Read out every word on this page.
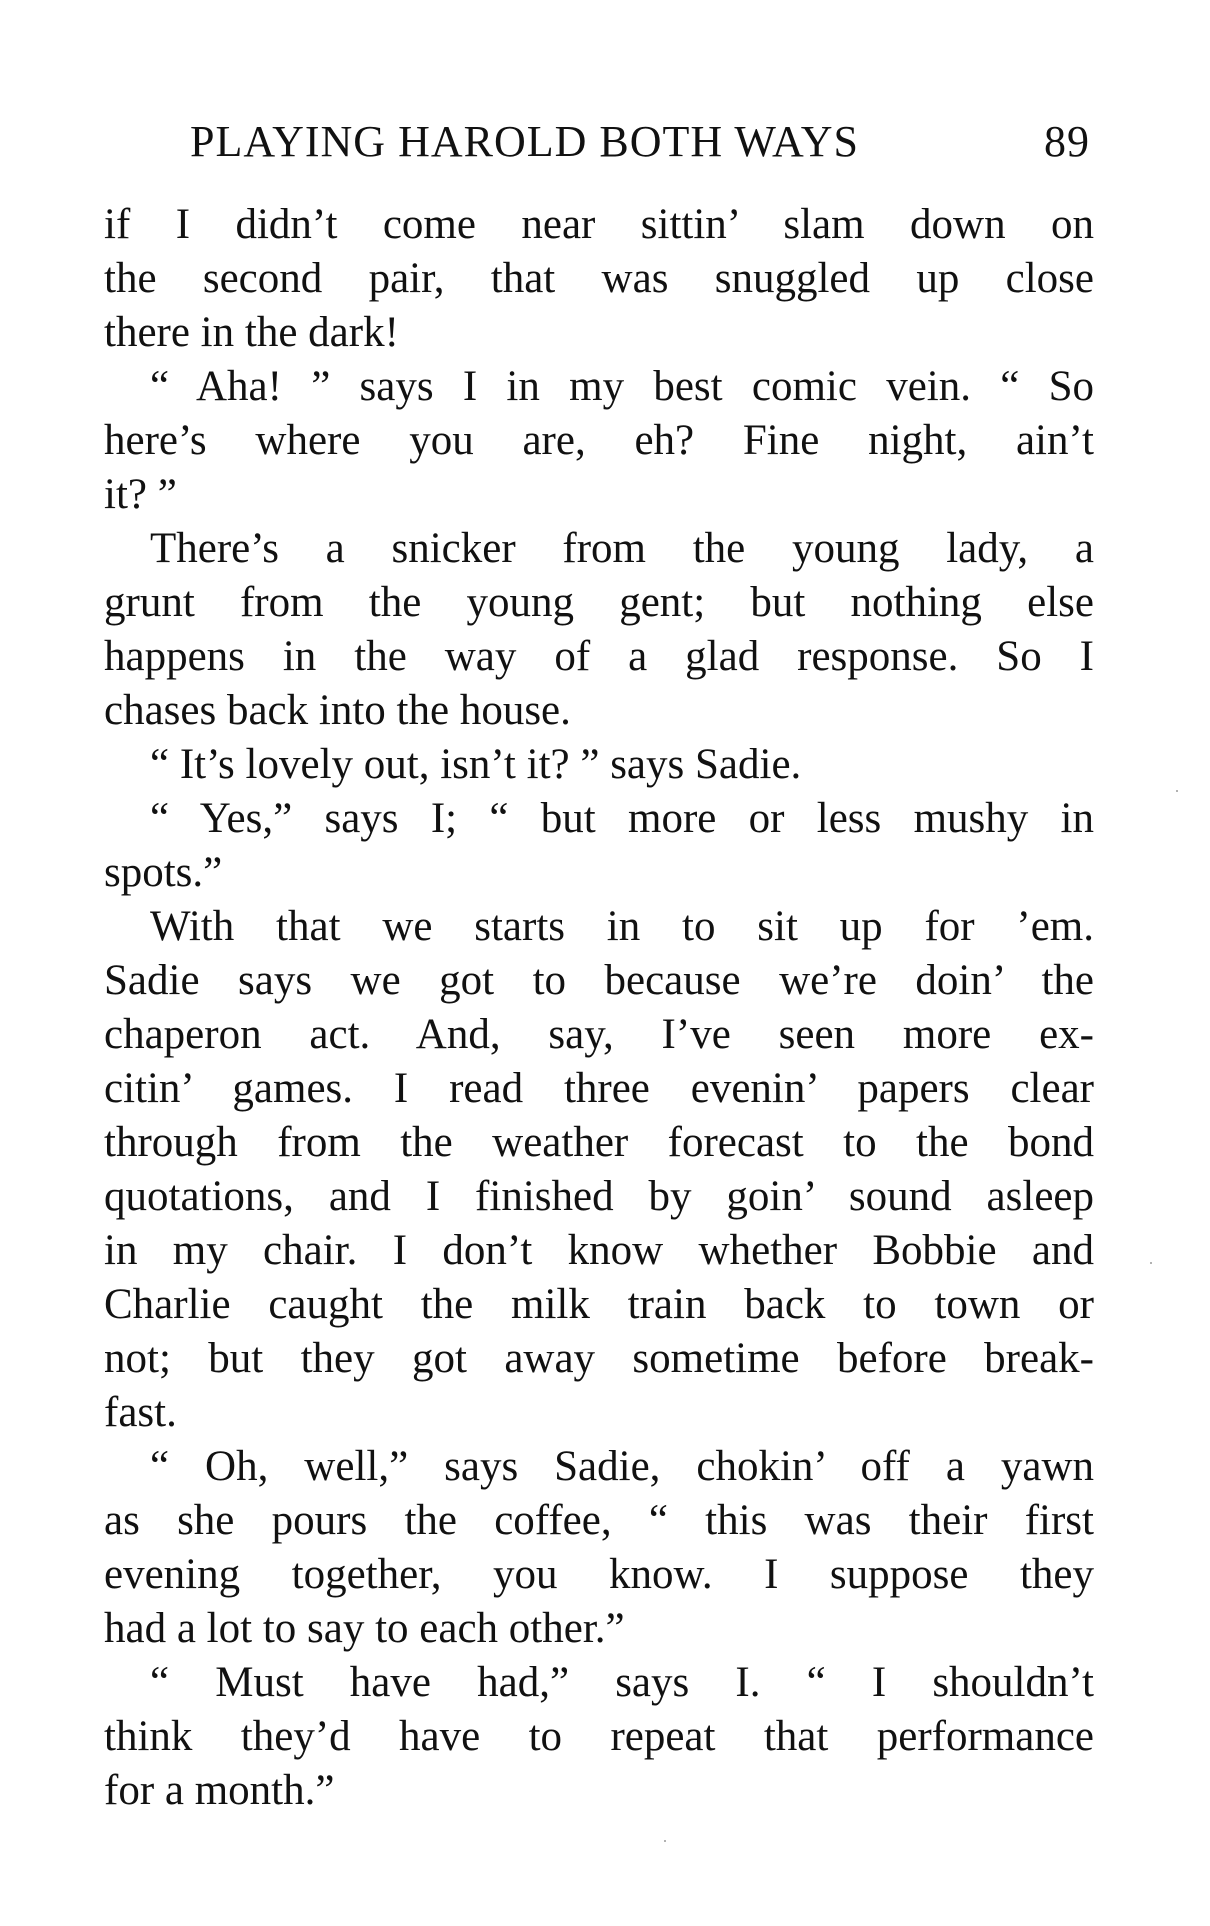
PLAYING HAROLD BOTH WAYS	89
if I didn’t come near sittin’ slam down on
the second pair, that was snuggled up close
there in the dark!
“ Aha! ” says I in my best comic vein. “ So
here’s where you are, eh? Fine night, ain’t
it? ”
There’s a snicker from the young lady, a
grunt from the young gent; but nothing else
happens in the way of a glad response. So I
chases back into the house.
“ It’s lovely out, isn’t it? ” says Sadie.
“ Yes,” says I; “ but more or less mushy in
spots.”
With that we starts in to sit up for ’em.
Sadie says we got to because we’re doin’ the
chaperon act. And, say, I’ve seen more ex-
citin’ games. I read three evenin’ papers clear
through from the weather forecast to the bond
quotations, and I finished by goin’ sound asleep
in my chair. I don’t know whether Bobbie and
Charlie caught the milk train back to town or
not; but they got away sometime before break-
fast.
“ Oh, well,” says Sadie, chokin’ off a yawn
as she pours the coffee, “ this was their first
evening together, you know. I suppose they
had a lot to say to each other.”
“ Must have had,” says I. “ I shouldn’t
think they’d have to repeat that performance
for a month.”
